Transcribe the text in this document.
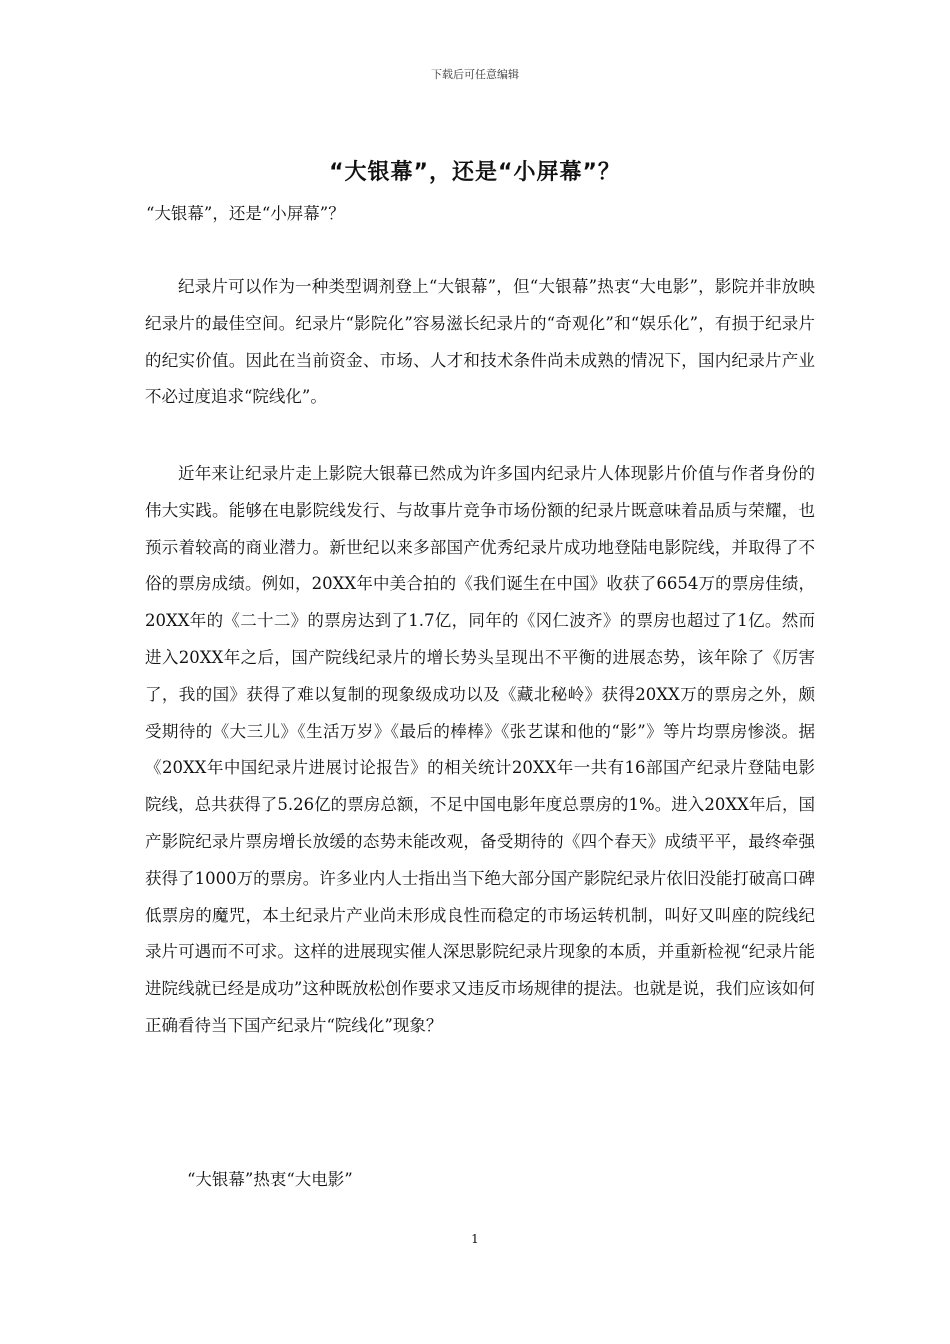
下载后可任意编辑
“大银幕”，还是“小屏幕”？
“大银幕”，还是“小屏幕”？

纪录片可以作为一种类型调剂登上“大银幕”，但“大银幕”热衷“大电影”，影院并非放映纪录片的最佳空间。纪录片“影院化”容易滋长纪录片的“奇观化”和“娱乐化”，有损于纪录片的纪实价值。因此在当前资金、市场、人才和技术条件尚未成熟的情况下，国内纪录片产业不必过度追求“院线化”。

近年来让纪录片走上影院大银幕已然成为许多国内纪录片人体现影片价值与作者身份的伟大实践。能够在电影院线发行、与故事片竞争市场份额的纪录片既意味着品质与荣耀，也预示着较高的商业潜力。新世纪以来多部国产优秀纪录片成功地登陆电影院线，并取得了不俗的票房成绩。例如，20XX年中美合拍的《我们诞生在中国》收获了6654万的票房佳绩，20XX年的《二十二》的票房达到了1.7亿，同年的《冈仁波齐》的票房也超过了1亿。然而进入20XX年之后，国产院线纪录片的增长势头呈现出不平衡的进展态势，该年除了《厉害了，我的国》获得了难以复制的现象级成功以及《藏北秘岭》获得20XX万的票房之外，颇受期待的《大三儿》《生活万岁》《最后的棒棒》《张艺谋和他的“影”》等片均票房惨淡。据《20XX年中国纪录片进展讨论报告》的相关统计20XX年一共有16部国产纪录片登陆电影院线，总共获得了5.26亿的票房总额，不足中国电影年度总票房的1%。进入20XX年后，国产影院纪录片票房增长放缓的态势未能改观，备受期待的《四个春天》成绩平平，最终牵强获得了1000万的票房。许多业内人士指出当下绝大部分国产影院纪录片依旧没能打破高口碑低票房的魔咒，本土纪录片产业尚未形成良性而稳定的市场运转机制，叫好又叫座的院线纪录片可遇而不可求。这样的进展现实催人深思影院纪录片现象的本质，并重新检视“纪录片能进院线就已经是成功”这种既放松创作要求又违反市场规律的提法。也就是说，我们应该如何正确看待当下国产纪录片“院线化”现象？

“大银幕”热衷“大电影”
1
